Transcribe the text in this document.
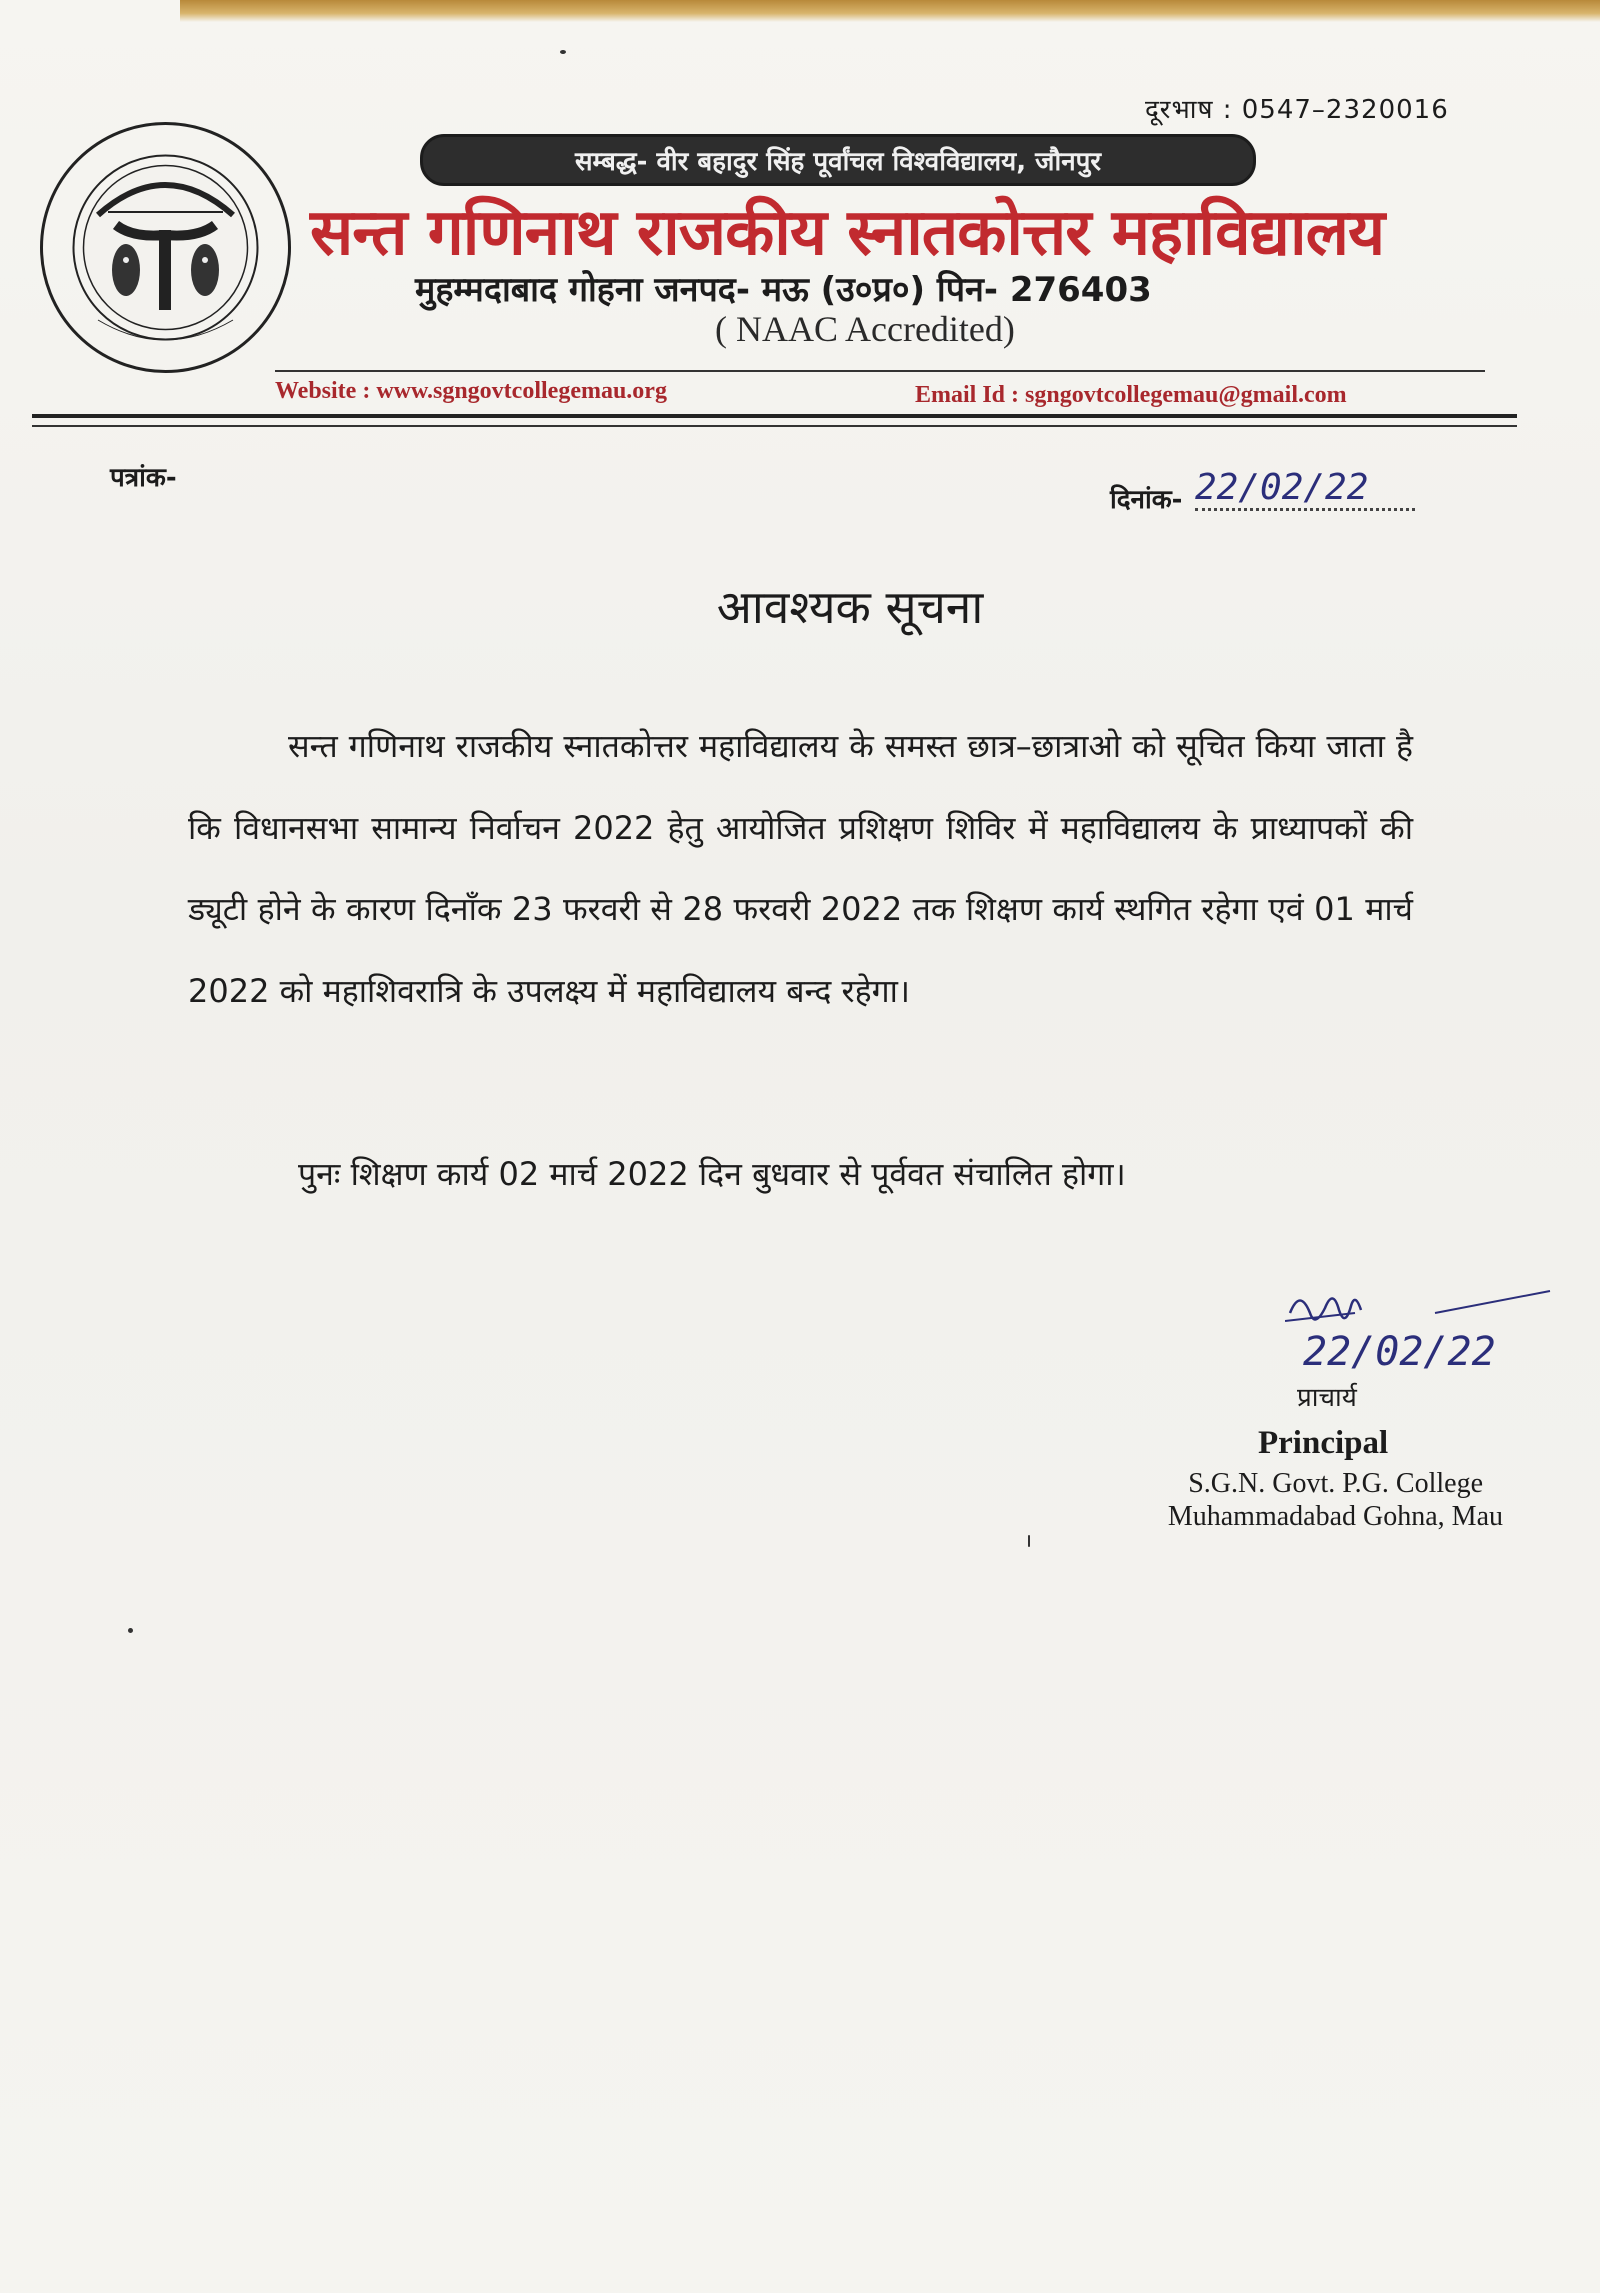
दूरभाष : 0547–2320016
सम्बद्ध- वीर बहादुर सिंह पूर्वांचल विश्वविद्यालय, जौनपुर
सन्त गणिनाथ राजकीय स्नातकोत्तर महाविद्यालय
मुहम्मदाबाद गोहना जनपद- मऊ (उ०प्र०) पिन- 276403
( NAAC Accredited)
Website : www.sgngovtcollegemau.org	Email Id : sgngovtcollegemau@gmail.com
पत्रांक-
दिनांक- 22/02/22
आवश्यक सूचना
सन्त गणिनाथ राजकीय स्नातकोत्तर महाविद्यालय के समस्त छात्र–छात्राओ को सूचित किया जाता है कि विधानसभा सामान्य निर्वाचन 2022 हेतु आयोजित प्रशिक्षण शिविर में महाविद्यालय के प्राध्यापकों की ड्यूटी होने के कारण दिनाँक 23 फरवरी से 28 फरवरी 2022 तक शिक्षण कार्य स्थगित रहेगा एवं 01 मार्च 2022 को महाशिवरात्रि के उपलक्ष्य में महाविद्यालय बन्द रहेगा।
पुनः शिक्षण कार्य 02 मार्च 2022 दिन बुधवार से पूर्ववत संचालित होगा।
22/02/22
प्राचार्य
Principal
S.G.N. Govt. P.G. College
Muhammadabad Gohna, Mau
